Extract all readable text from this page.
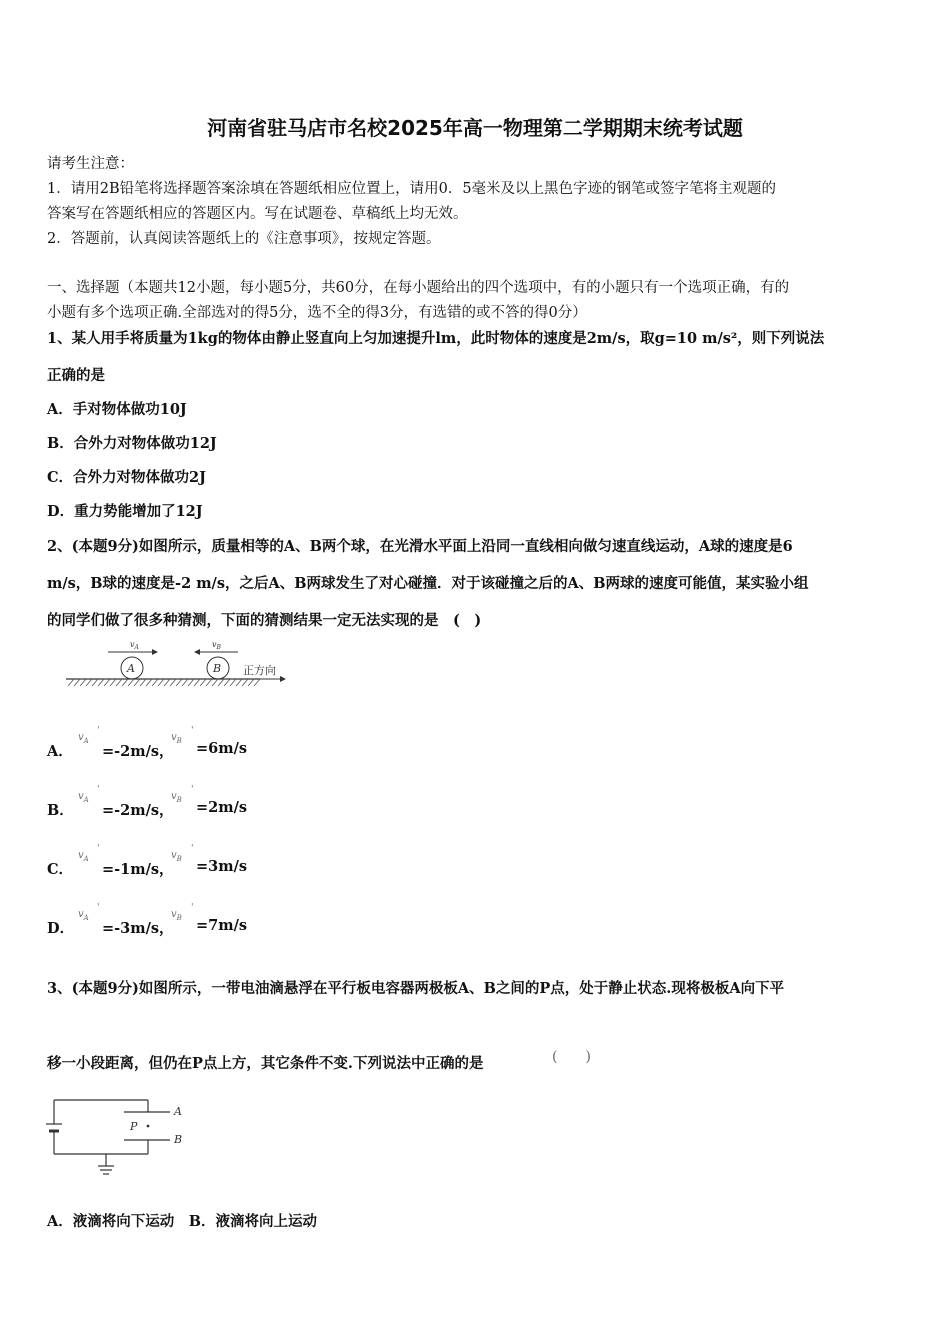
河南省驻马店市名校2025年高一物理第二学期期末统考试题
请考生注意：
1．请用2B铅笔将选择题答案涂填在答题纸相应位置上，请用0．5毫米及以上黑色字迹的钢笔或签字笔将主观题的
答案写在答题纸相应的答题区内。写在试题卷、草稿纸上均无效。
2．答题前，认真阅读答题纸上的《注意事项》，按规定答题。
一、选择题（本题共12小题，每小题5分，共60分，在每小题给出的四个选项中，有的小题只有一个选项正确，有的
小题有多个选项正确.全部选对的得5分，选不全的得3分，有选错的或不答的得0分）
1、某人用手将质量为1kg的物体由静止竖直向上匀加速提升lm，此时物体的速度是2m/s，取g=10 m/s²，则下列说法
正确的是
A．手对物体做功10J
B．合外力对物体做功12J
C．合外力对物体做功2J
D．重力势能增加了12J
2、(本题9分)如图所示，质量相等的A、B两个球，在光滑水平面上沿同一直线相向做匀速直线运动，A球的速度是6
m/s，B球的速度是-2 m/s，之后A、B两球发生了对心碰撞．对于该碰撞之后的A、B两球的速度可能值，某实验小组
的同学们做了很多种猜测，下面的猜测结果一定无法实现的是　(　)
$v_A$	$v_B$
A	B 正方向
A．
$v_A$
'
=-2m/s，
$v_B$
'
=6m/s
B．
$v_A$
'
=-2m/s，
$v_B$
'
=2m/s
C．
$v_A$
'
=-1m/s，
$v_B$
'
=3m/s
D．
$v_A$
'
=-3m/s，
$v_B$
'
=7m/s
3、(本题9分)如图所示，一带电油滴悬浮在平行板电容器两极板A、B之间的P点，处于静止状态.现将极板A向下平
移一小段距离，但仍在P点上方，其它条件不变.下列说法中正确的是	(　　)
A
B
P
A．液滴将向下运动　B．液滴将向上运动
